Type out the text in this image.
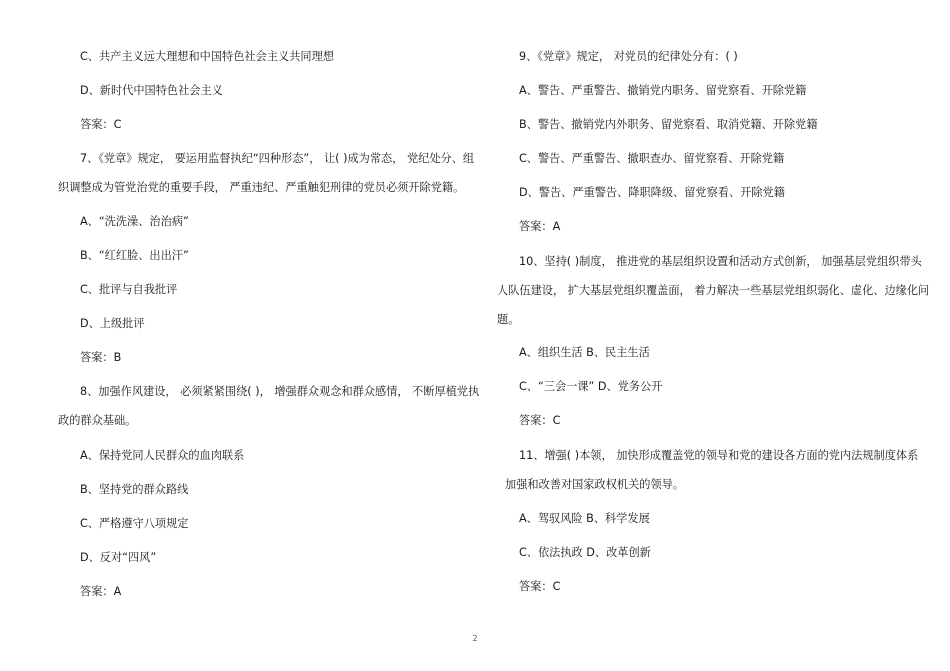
C、共产主义远大理想和中国特色社会主义共同理想
D、新时代中国特色社会主义
答案：C
7、《党章》规定， 要运用监督执纪“四种形态”， 让( )成为常态， 党纪处分、组
织调整成为管党治党的重要手段， 严重违纪、严重触犯刑律的党员必须开除党籍。
A、“洗洗澡、治治病”
B、“红红脸、出出汗”
C、批评与自我批评
D、上级批评
答案：B
8、加强作风建设， 必须紧紧围绕( )， 增强群众观念和群众感情， 不断厚植党执
政的群众基础。
A、保持党同人民群众的血肉联系
B、坚持党的群众路线
C、严格遵守八项规定
D、反对“四风”
答案：A
9、《党章》规定， 对党员的纪律处分有：( )
A、警告、严重警告、撤销党内职务、留党察看、开除党籍
B、警告、撤销党内外职务、留党察看、取消党籍、开除党籍
C、警告、严重警告、撤职查办、留党察看、开除党籍
D、警告、严重警告、降职降级、留党察看、开除党籍
答案：A
10、坚持( )制度， 推进党的基层组织设置和活动方式创新， 加强基层党组织带头
人队伍建设， 扩大基层党组织覆盖面， 着力解决一些基层党组织弱化、虚化、边缘化问
题。
A、组织生活 B、民主生活
C、“三会一课” D、党务公开
答案：C
11、增强( )本领， 加快形成覆盖党的领导和党的建设各方面的党内法规制度体系
加强和改善对国家政权机关的领导。
A、驾驭风险 B、科学发展
C、依法执政 D、改革创新
答案：C
2
